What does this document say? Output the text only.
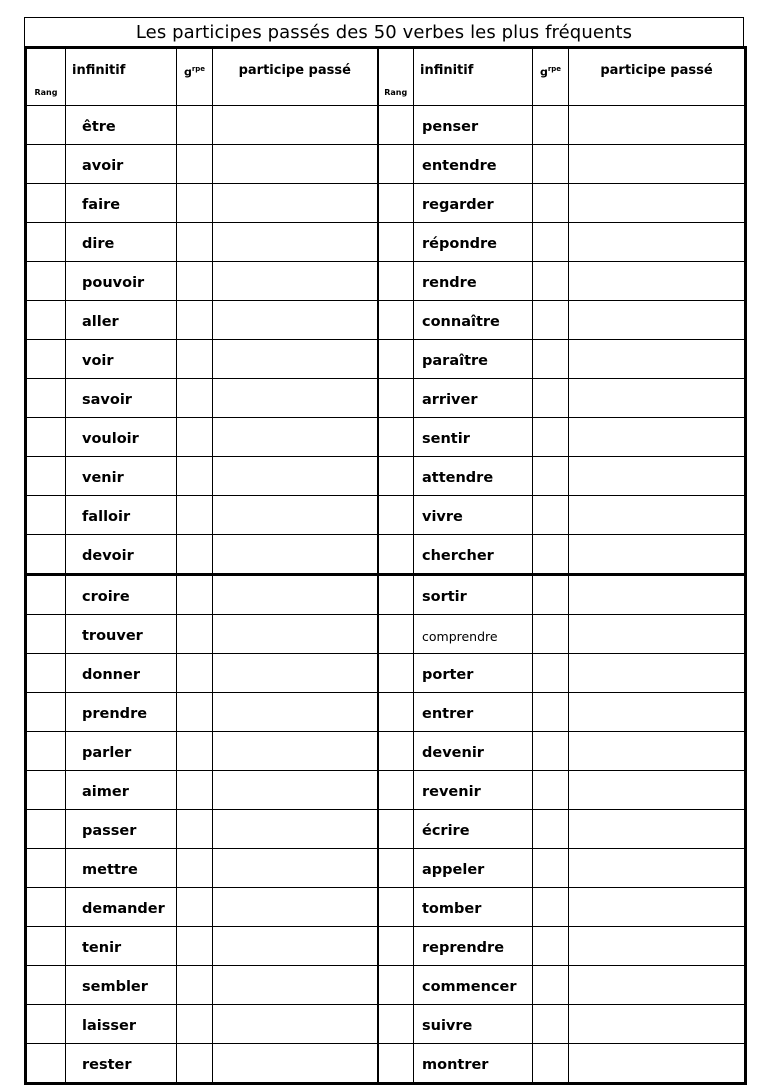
Les participes passés des 50 verbes les plus fréquents
Rang	infinitif	$g^{rpe}$	participe passé	Rang	infinitif	$g^{rpe}$	participe passé
	être				penser		
	avoir				entendre		
	faire				regarder		
	dire				répondre		
	pouvoir				rendre		
	aller				connaître		
	voir				paraître		
	savoir				arriver		
	vouloir				sentir		
	venir				attendre		
	falloir				vivre		
	devoir				chercher		
	croire				sortir		
	trouver				comprendre		
	donner				porter		
	prendre				entrer		
	parler				devenir		
	aimer				revenir		
	passer				écrire		
	mettre				appeler		
	demander				tomber		
	tenir				reprendre		
	sembler				commencer		
	laisser				suivre		
	rester				montrer		
